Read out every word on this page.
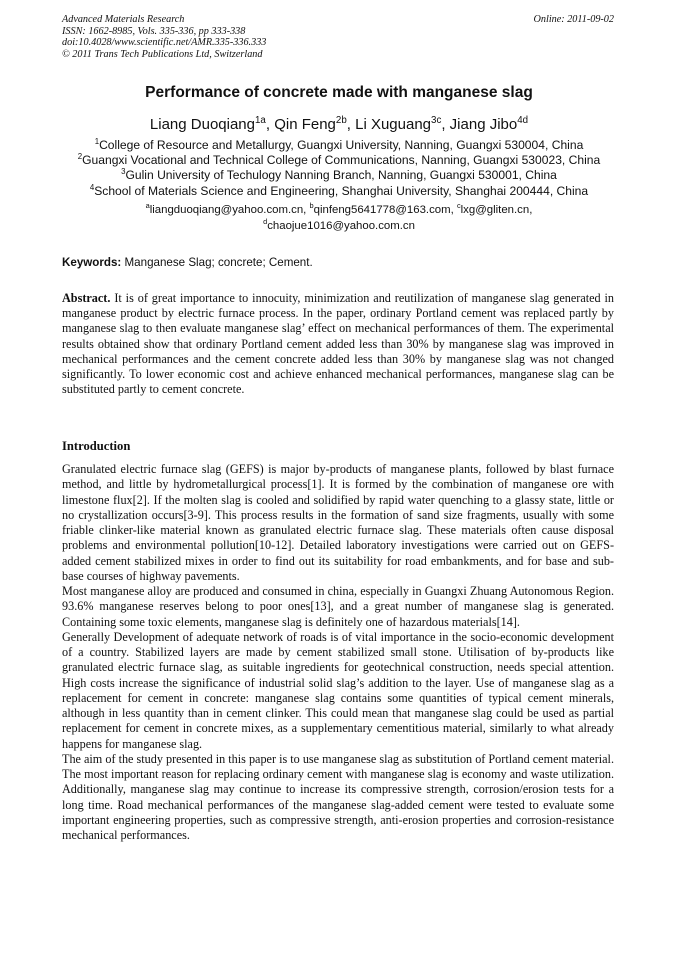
Advanced Materials Research
ISSN: 1662-8985, Vols. 335-336, pp 333-338
doi:10.4028/www.scientific.net/AMR.335-336.333
© 2011 Trans Tech Publications Ltd, Switzerland
Online: 2011-09-02
Performance of concrete made with manganese slag
Liang Duoqiang$^{1a}$, Qin Feng$^{2b}$, Li Xuguang$^{3c}$, Jiang Jibo$^{4d}$
$^1$College of Resource and Metallurgy, Guangxi University, Nanning, Guangxi 530004, China
$^2$Guangxi Vocational and Technical College of Communications, Nanning, Guangxi 530023, China
$^3$Gulin University of Techulogy Nanning Branch, Nanning, Guangxi 530001, China
$^4$School of Materials Science and Engineering, Shanghai University, Shanghai 200444, China
$^a$liangduoqiang@yahoo.com.cn, $^b$qinfeng5641778@163.com, $^c$lxg@gliten.cn,
$^d$chaojue1016@yahoo.com.cn
Keywords: Manganese Slag; concrete; Cement.
Abstract. It is of great importance to innocuity, minimization and reutilization of manganese slag generated in manganese product by electric furnace process. In the paper, ordinary Portland cement was replaced partly by manganese slag to then evaluate manganese slag’ effect on mechanical performances of them. The experimental results obtained show that ordinary Portland cement added less than 30% by manganese slag was improved in mechanical performances and the cement concrete added less than 30% by manganese slag was not changed significantly. To lower economic cost and achieve enhanced mechanical performances, manganese slag can be substituted partly to cement concrete.
Introduction

Granulated electric furnace slag (GEFS) is major by-products of manganese plants, followed by blast furnace method, and little by hydrometallurgical process[1]. It is formed by the combination of manganese ore with limestone flux[2]. If the molten slag is cooled and solidified by rapid water quenching to a glassy state, little or no crystallization occurs[3-9]. This process results in the formation of sand size fragments, usually with some friable clinker-like material known as granulated electric furnace slag. These materials often cause disposal problems and environmental pollution[10-12]. Detailed laboratory investigations were carried out on GEFS-added cement stabilized mixes in order to find out its suitability for road embankments, and for base and sub-base courses of highway pavements.

Most manganese alloy are produced and consumed in china, especially in Guangxi Zhuang Autonomous Region. 93.6% manganese reserves belong to poor ones[13], and a great number of manganese slag is generated. Containing some toxic elements, manganese slag is definitely one of hazardous materials[14].

Generally Development of adequate network of roads is of vital importance in the socio-economic development of a country. Stabilized layers are made by cement stabilized small stone. Utilisation of by-products like granulated electric furnace slag, as suitable ingredients for geotechnical construction, needs special attention. High costs increase the significance of industrial solid slag’s addition to the layer. Use of manganese slag as a replacement for cement in concrete: manganese slag contains some quantities of typical cement minerals, although in less quantity than in cement clinker. This could mean that manganese slag could be used as partial replacement for cement in concrete mixes, as a supplementary cementitious material, similarly to what already happens for manganese slag.

The aim of the study presented in this paper is to use manganese slag as substitution of Portland cement material. The most important reason for replacing ordinary cement with manganese slag is economy and waste utilization. Additionally, manganese slag may continue to increase its compressive strength, corrosion/erosion tests for a long time. Road mechanical performances of the manganese slag-added cement were tested to evaluate some important engineering properties, such as compressive strength, anti-erosion properties and corrosion-resistance mechanical performances.
